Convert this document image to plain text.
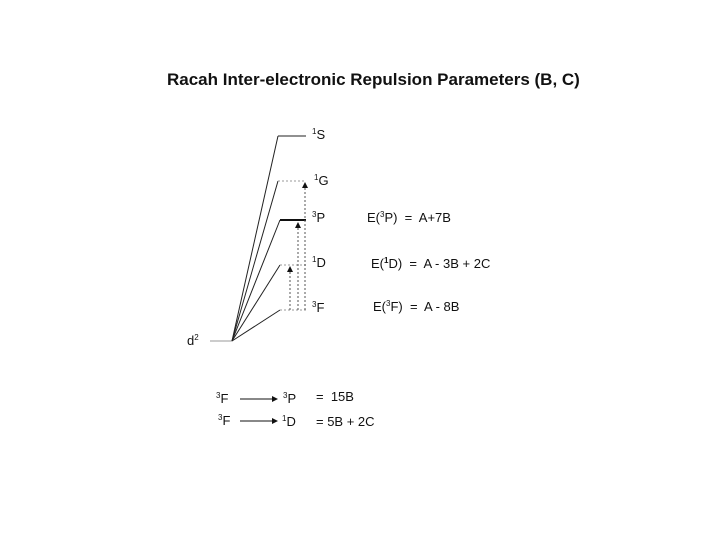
Racah Inter-electronic Repulsion Parameters (B, C)
$d^2$
$^1$S
$^1$G
$^3$P
$^1$D
$^3$F
E($^3$P)  =  A+7B
E($^1$D)  =  A - 3B + 2C
E($^3$F)  =  A - 8B
$^3$F	$^3$P =  15B
$^3$F	$^1$D = 5B + 2C
